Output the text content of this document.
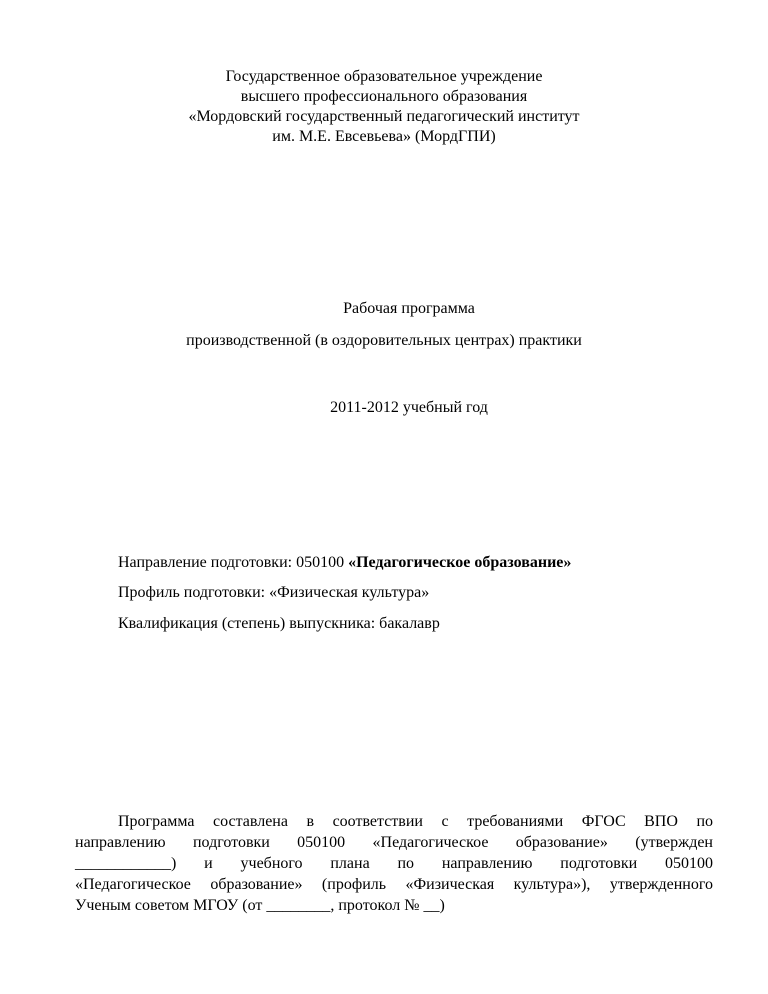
Государственное образовательное учреждение
высшего профессионального образования
«Мордовский государственный педагогический институт
им. М.Е. Евсевьева» (МордГПИ)
Рабочая программа
производственной (в оздоровительных центрах) практики
2011-2012 учебный год
Направление подготовки: 050100 «Педагогическое образование»
Профиль подготовки: «Физическая культура»
Квалификация (степень) выпускника: бакалавр
Программа составлена в соответствии с требованиями ФГОС ВПО по
направлению подготовки 050100 «Педагогическое образование» (утвержден
____________) и учебного плана по направлению подготовки 050100
«Педагогическое образование» (профиль «Физическая культура»), утвержденного
Ученым советом МГОУ (от ________, протокол № __)
